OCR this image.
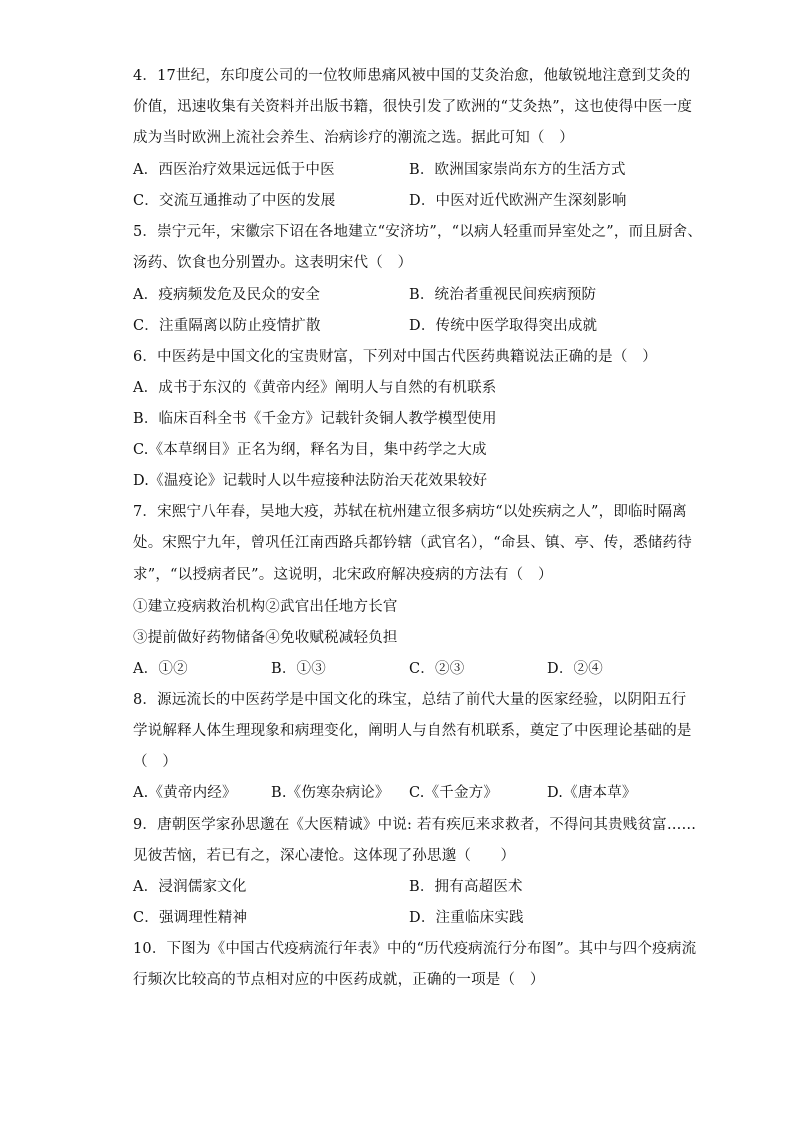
4．17世纪，东印度公司的一位牧师患痛风被中国的艾灸治愈，他敏锐地注意到艾灸的
价值，迅速收集有关资料并出版书籍，很快引发了欧洲的“艾灸热”，这也使得中医一度
成为当时欧洲上流社会养生、治病诊疗的潮流之选。据此可知（　）
A．西医治疗效果远远低于中医	B．欧洲国家崇尚东方的生活方式
C．交流互通推动了中医的发展	D．中医对近代欧洲产生深刻影响
5．崇宁元年，宋徽宗下诏在各地建立“安济坊”，“以病人轻重而异室处之”，而且厨舍、
汤药、饮食也分别置办。这表明宋代（　）
A．疫病频发危及民众的安全	B．统治者重视民间疾病预防
C．注重隔离以防止疫情扩散	D．传统中医学取得突出成就
6．中医药是中国文化的宝贵财富，下列对中国古代医药典籍说法正确的是（　）
A．成书于东汉的《黄帝内经》阐明人与自然的有机联系
B．临床百科全书《千金方》记载针灸铜人教学模型使用
C.《本草纲目》正名为纲，释名为目，集中药学之大成
D.《温疫论》记载时人以牛痘接种法防治天花效果较好
7．宋熙宁八年春，吴地大疫，苏轼在杭州建立很多病坊“以处疾病之人”，即临时隔离
处。宋熙宁九年，曾巩任江南西路兵都钤辖（武官名），“命县、镇、亭、传，悉储药待
求”，“以授病者民”。这说明，北宋政府解决疫病的方法有（　）
①建立疫病救治机构②武官出任地方长官
③提前做好药物储备④免收赋税减轻负担
A．①②	B．①③	C．②③	D．②④
8．源远流长的中医药学是中国文化的珠宝，总结了前代大量的医家经验，以阴阳五行
学说解释人体生理现象和病理变化，阐明人与自然有机联系，奠定了中医理论基础的是
（　）
A.《黄帝内经》 B.《伤寒杂病论》 C.《千金方》	D.《唐本草》
9．唐朝医学家孙思邈在《大医精诚》中说: 若有疾厄来求救者，不得问其贵贱贫富……
见彼苦恼，若已有之，深心凄怆。这体现了孙思邈（　　）
A．浸润儒家文化	B．拥有高超医术
C．强调理性精神	D．注重临床实践
10．下图为《中国古代疫病流行年表》中的“历代疫病流行分布图”。其中与四个疫病流
行频次比较高的节点相对应的中医药成就，正确的一项是（　）
